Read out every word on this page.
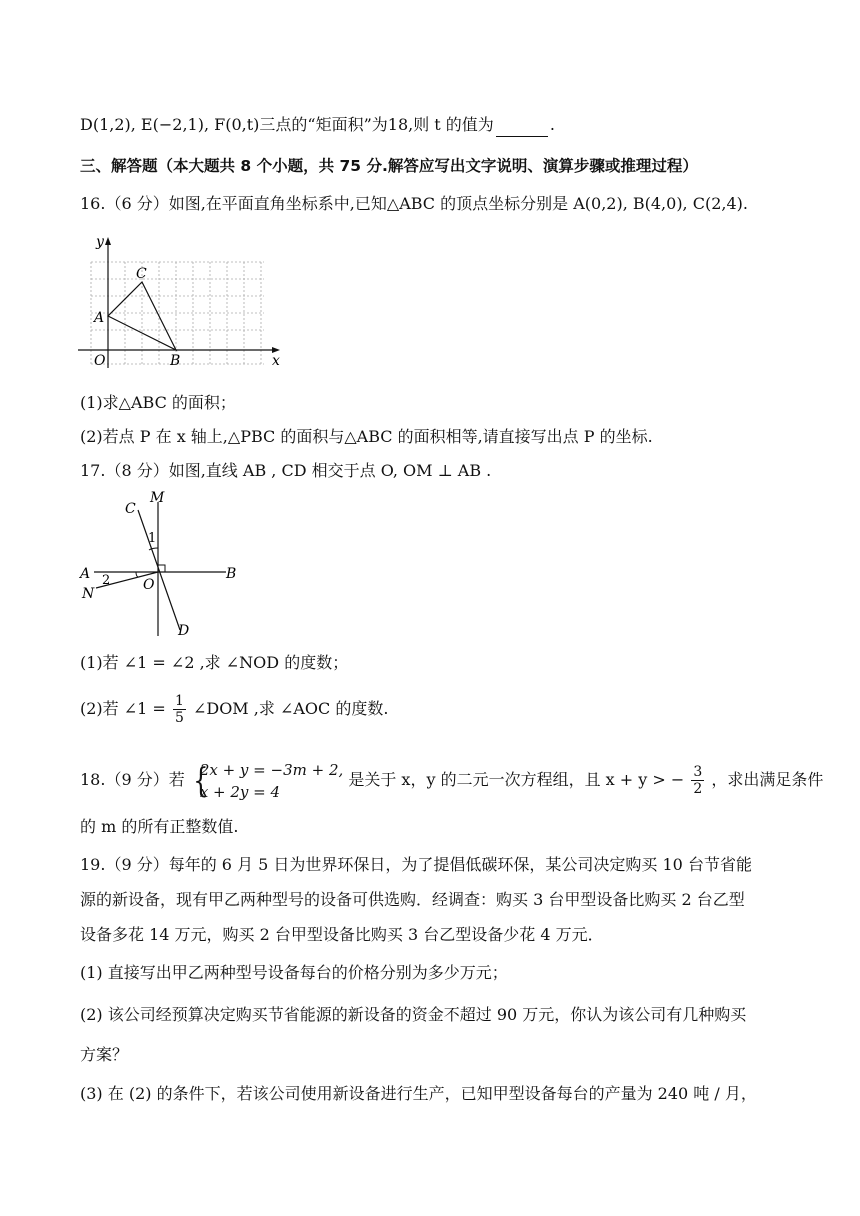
D(1,2), E(−2,1), F(0,t)三点的“矩面积”为18,则 t 的值为	.
三、解答题（本大题共 8 个小题，共 75 分.解答应写出文字说明、演算步骤或推理过程）
16.（6 分）如图,在平面直角坐标系中,已知△ABC 的顶点坐标分别是 A(0,2), B(4,0), C(2,4).
y
x
O
A
B
C
(1)求△ABC 的面积；
(2)若点 P 在 x 轴上,△PBC 的面积与△ABC 的面积相等,请直接写出点 P 的坐标.
17.（8 分）如图,直线 AB , CD 相交于点 O, OM ⊥ AB .
M
C
A	B
N
O
D
1
2
(1)若 ∠1 = ∠2 ,求 ∠NOD 的度数；
(2)若 ∠1 = $\frac{1}{5}$ ∠DOM ,求 ∠AOC 的度数.
18.（9 分）若 {
2x + y = −3m + 2,
x + 2y = 4
是关于 x，y 的二元一次方程组，且 x + y > − $\frac{3}{2}$ ，求出满足条件
的 m 的所有正整数值.
19.（9 分）每年的 6 月 5 日为世界环保日，为了提倡低碳环保，某公司决定购买 10 台节省能
源的新设备，现有甲乙两种型号的设备可供选购．经调查：购买 3 台甲型设备比购买 2 台乙型
设备多花 14 万元，购买 2 台甲型设备比购买 3 台乙型设备少花 4 万元．
(1) 直接写出甲乙两种型号设备每台的价格分别为多少万元；
(2) 该公司经预算决定购买节省能源的新设备的资金不超过 90 万元，你认为该公司有几种购买
方案？
(3) 在 (2) 的条件下，若该公司使用新设备进行生产，已知甲型设备每台的产量为 240 吨 / 月，
